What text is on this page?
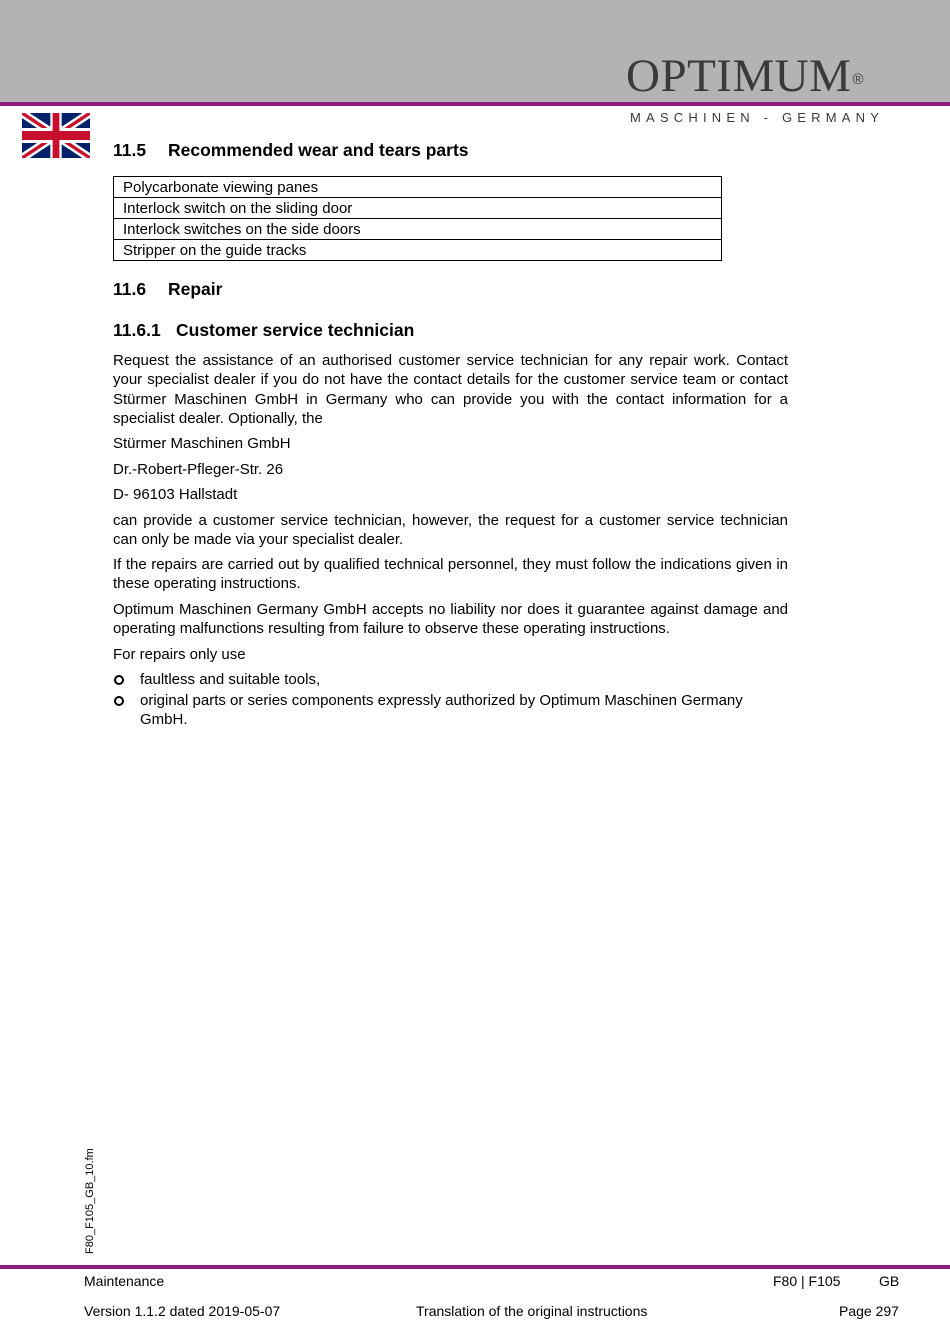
OPTIMUM®
MASCHINEN - GERMANY
11.5 Recommended wear and tears parts
Polycarbonate viewing panes
Interlock switch on the sliding door
Interlock switches on the side doors
Stripper on the guide tracks
11.6 Repair
11.6.1 Customer service technician
Request the assistance of an authorised customer service technician for any repair work. Contact your specialist dealer if you do not have the contact details for the customer service team or contact Stürmer Maschinen GmbH in Germany who can provide you with the contact information for a specialist dealer. Optionally, the
Stürmer Maschinen GmbH
Dr.-Robert-Pfleger-Str. 26
D- 96103 Hallstadt
can provide a customer service technician, however, the request for a customer service technician can only be made via your specialist dealer.
If the repairs are carried out by qualified technical personnel, they must follow the indications given in these operating instructions.
Optimum Maschinen Germany GmbH accepts no liability nor does it guarantee against damage and operating malfunctions resulting from failure to observe these operating instructions.
For repairs only use
faultless and suitable tools,
original parts or series components expressly authorized by Optimum Maschinen Germany GmbH.
F80_F105_GB_10.fm
Maintenance	F80 | F105	GB
Version 1.1.2 dated 2019-05-07	Translation of the original instructions	Page 297
